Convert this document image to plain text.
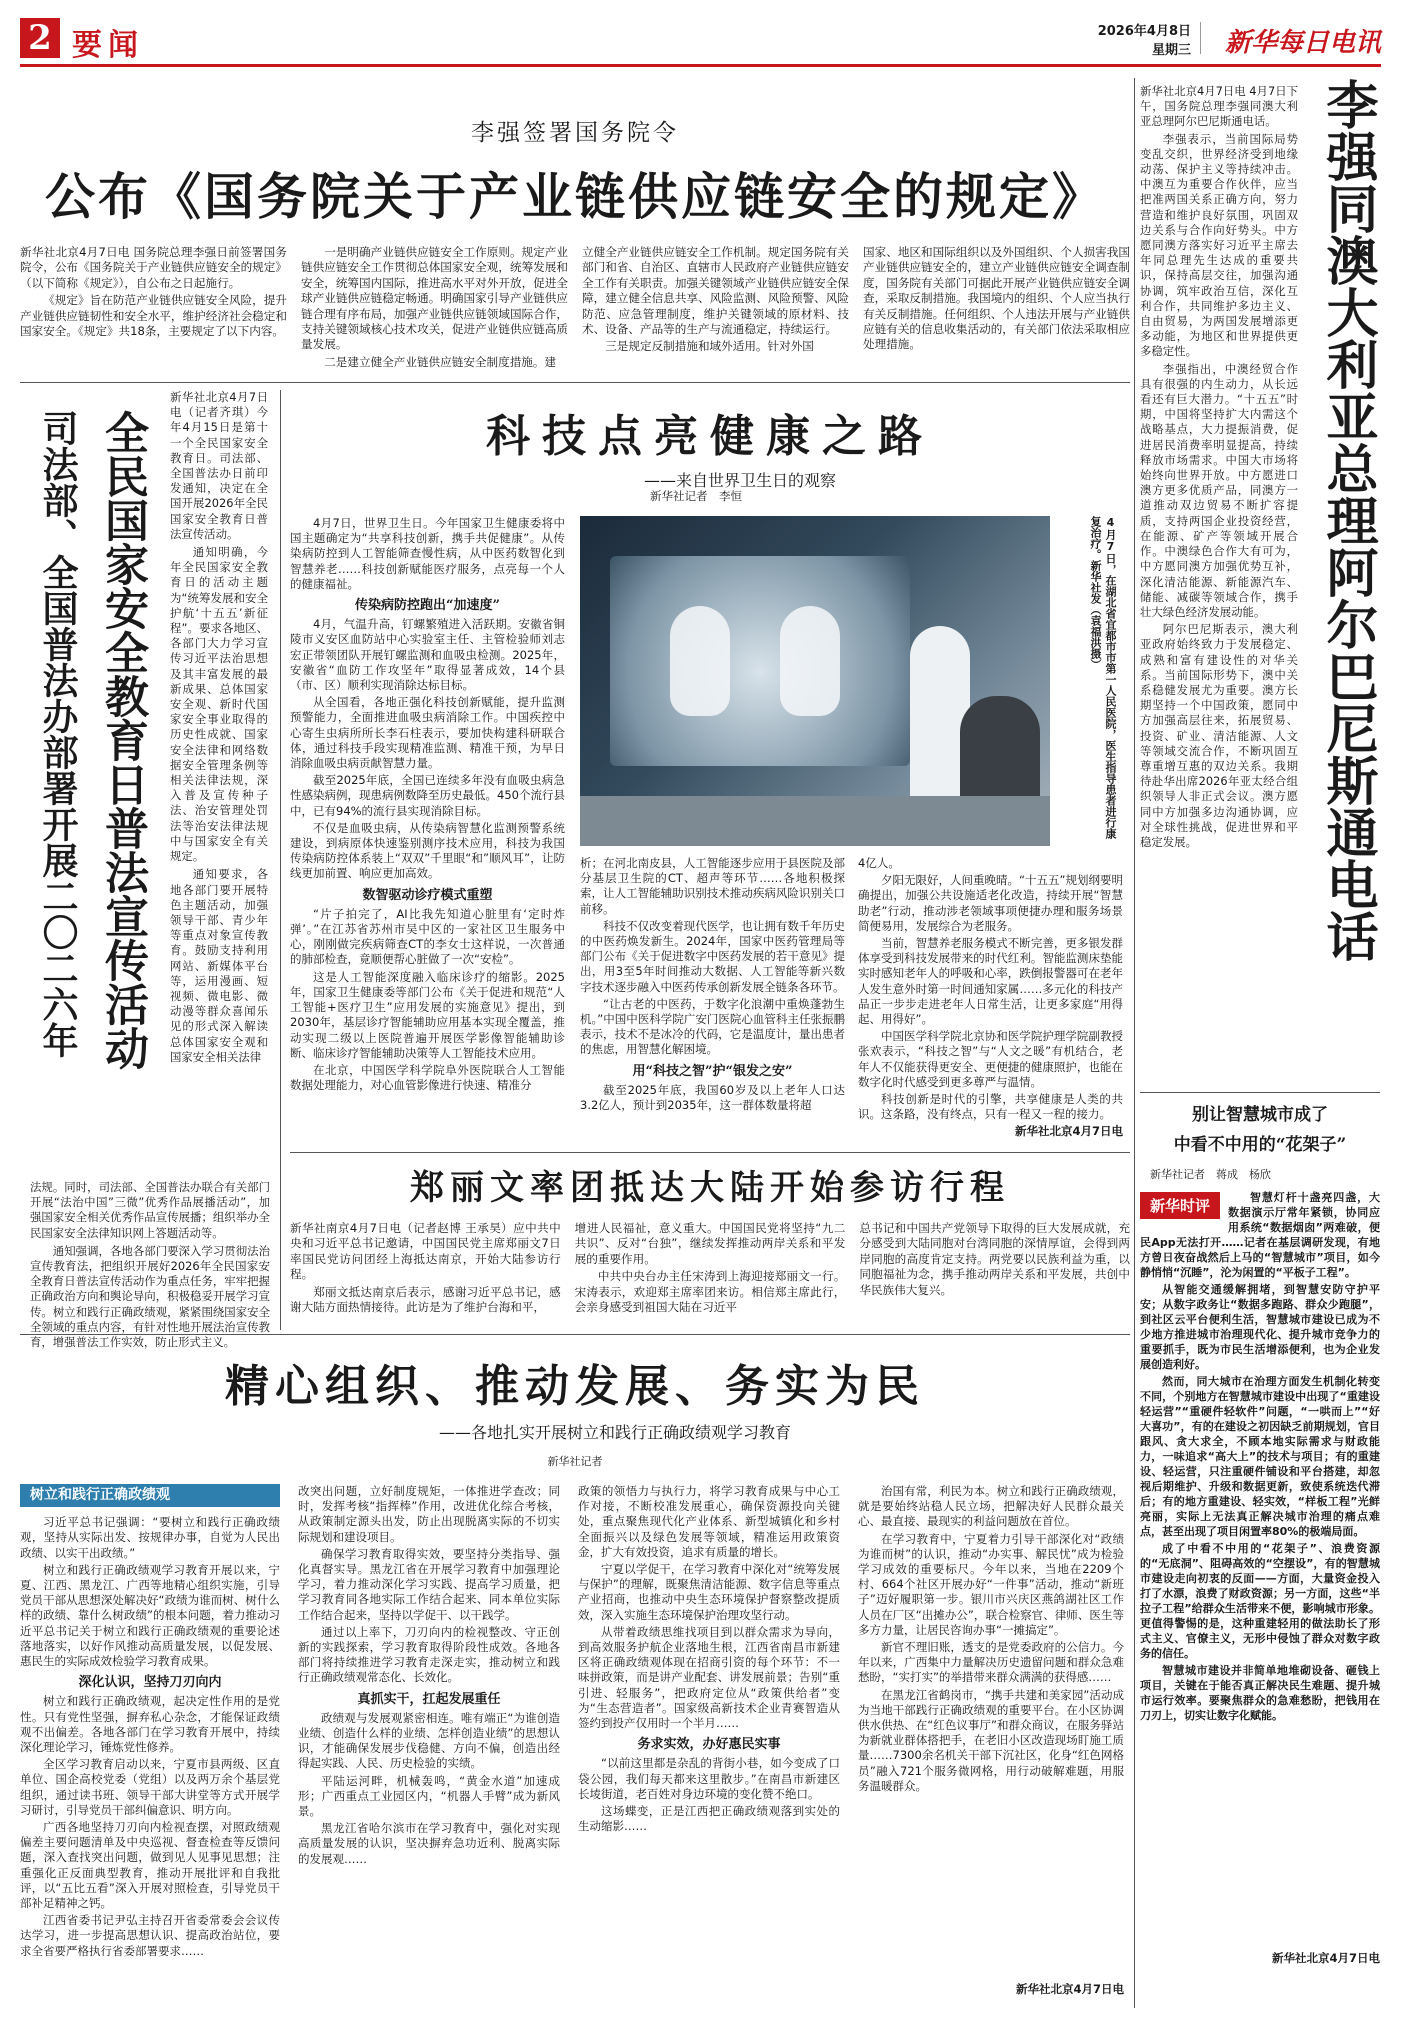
2 要闻	2026年4月8日
星期三 新华每日电讯
李强签署国务院令
公布《国务院关于产业链供应链安全的规定》

新华社北京4月7日电 国务院总理李强日前签署国务院令，公布《国务院关于产业链供应链安全的规定》（以下简称《规定》），自公布之日起施行。

《规定》旨在防范产业链供应链安全风险，提升产业链供应链韧性和安全水平，维护经济社会稳定和国家安全。《规定》共18条，主要规定了以下内容。

一是明确产业链供应链安全工作原则。规定产业链供应链安全工作贯彻总体国家安全观，统筹发展和安全，统筹国内国际，推进高水平对外开放，促进全球产业链供应链稳定畅通。明确国家引导产业链供应链合理有序布局，加强产业链供应链领域国际合作，支持关键领域核心技术攻关，促进产业链供应链高质量发展。

二是建立健全产业链供应链安全制度措施。建

立健全产业链供应链安全工作机制。规定国务院有关部门和省、自治区、直辖市人民政府产业链供应链安全工作有关职责。加强关键领域产业链供应链安全保障，建立健全信息共享、风险监测、风险预警、风险防范、应急管理制度，维护关键领域的原材料、技术、设备、产品等的生产与流通稳定，持续运行。

三是规定反制措施和域外适用。针对外国

国家、地区和国际组织以及外国组织、个人损害我国产业链供应链安全的，建立产业链供应链安全调查制度，国务院有关部门可据此开展产业链供应链安全调查，采取反制措施。我国境内的组织、个人应当执行有关反制措施。任何组织、个人违法开展与产业链供应链有关的信息收集活动的，有关部门依法采取相应处理措施。	李强同澳大利亚总理阿尔巴尼斯通电话

新华社北京4月7日电 4月7日下午，国务院总理李强同澳大利亚总理阿尔巴尼斯通电话。

李强表示，当前国际局势变乱交织，世界经济受到地缘动荡、保护主义等持续冲击。中澳互为重要合作伙伴，应当把准两国关系正确方向，努力营造和维护良好氛围，巩固双边关系与合作向好势头。中方愿同澳方落实好习近平主席去年同总理先生达成的重要共识，保持高层交往，加强沟通协调，筑牢政治互信，深化互利合作，共同维护多边主义、自由贸易，为两国发展增添更多动能，为地区和世界提供更多稳定性。

李强指出，中澳经贸合作具有很强的内生动力，从长远看还有巨大潜力。“十五五”时期，中国将坚持扩大内需这个战略基点，大力提振消费，促进居民消费率明显提高，持续释放市场需求。中国大市场将始终向世界开放。中方愿进口澳方更多优质产品，同澳方一道推动双边贸易不断扩容提质，支持两国企业投资经营，在能源、矿产等领域开展合作。中澳绿色合作大有可为，中方愿同澳方加强优势互补，深化清洁能源、新能源汽车、储能、减碳等领域合作，携手壮大绿色经济发展动能。

阿尔巴尼斯表示，澳大利亚政府始终致力于发展稳定、成熟和富有建设性的对华关系。当前国际形势下，澳中关系稳健发展尤为重要。澳方长期坚持一个中国政策，愿同中方加强高层往来，拓展贸易、投资、矿业、清洁能源、人文等领域交流合作，不断巩固互尊重增互惠的双边关系。我期待赴华出席2026年亚太经合组织领导人非正式会议。澳方愿同中方加强多边沟通协调，应对全球性挑战，促进世界和平稳定发展。

全民国家安全教育日普法宣传活动
司法部、全国普法办部署开展二〇二六年

新华社北京4月7日电（记者齐琪）今年4月15日是第十一个全民国家安全教育日。司法部、全国普法办日前印发通知，决定在全国开展2026年全民国家安全教育日普法宣传活动。

通知明确，今年全民国家安全教育日的活动主题为“统筹发展和安全 护航‘十五五’新征程”。要求各地区、各部门大力学习宣传习近平法治思想及其丰富发展的最新成果、总体国家安全观、新时代国家安全事业取得的历史性成就、国家安全法律和网络数据安全管理条例等相关法律法规，深入普及宣传种子法、治安管理处罚法等治安法律法规中与国家安全有关规定。

通知要求，各地各部门要开展特色主题活动，加强领导干部、青少年等重点对象宣传教育。鼓励支持利用网站、新媒体平台等，运用漫画、短视频、微电影、微动漫等群众喜闻乐见的形式深入解读总体国家安全观和国家安全相关法律

法规。同时，司法部、全国普法办联合有关部门开展“法治中国”三微”优秀作品展播活动”，加强国家安全相关优秀作品宣传展播；组织举办全民国家安全法律知识网上答题活动等。

通知强调，各地各部门要深入学习贯彻法治宣传教育法，把组织开展好2026年全民国家安全教育日普法宣传活动作为重点任务，牢牢把握正确政治方向和舆论导向，积极稳妥开展学习宣传。树立和践行正确政绩观，紧紧围绕国家安全全领域的重点内容，有针对性地开展法治宣传教育，增强普法工作实效，防止形式主义。

科技点亮健康之路
——来自世界卫生日的观察
新华社记者　李恒
4月7日，在湖北省宜都市市第一人民医院，医生指导患者进行康复治疗。新华社发（袁福洪摄）

4月7日，世界卫生日。今年国家卫生健康委将中国主题确定为“共享科技创新，携手共促健康”。从传染病防控到人工智能筛查慢性病，从中医药数智化到智慧养老……科技创新赋能医疗服务，点亮每一个人的健康福祉。

传染病防控跑出“加速度”

4月，气温升高，钉螺繁殖进入活跃期。安徽省铜陵市义安区血防站中心实验室主任、主管检验师刘志宏正带领团队开展钉螺监测和血吸虫检测。2025年，安徽省“血防工作攻坚年”取得显著成效，14个县（市、区）顺利实现消除达标目标。

从全国看，各地正强化科技创新赋能，提升监测预警能力，全面推进血吸虫病消除工作。中国疾控中心寄生虫病所所长李石柱表示，要加快构建科研联合体，通过科技手段实现精准监测、精准干预，为早日消除血吸虫病贡献智慧力量。

截至2025年底，全国已连续多年没有血吸虫病急性感染病例，现患病例数降至历史最低。450个流行县中，已有94%的流行县实现消除目标。

不仅是血吸虫病，从传染病智慧化监测预警系统建设，到病原体快速鉴别测序技术应用，科技为我国传染病防控体系装上“双双”千里眼“和”顺风耳”，让防线更加前置、响应更加高效。

数智驱动诊疗模式重塑

“片子拍完了，AI比我先知道心脏里有‘定时炸弹’。”在江苏省苏州市吴中区的一家社区卫生服务中心，刚刚做完疾病筛查CT的李女士这样说，一次普通的肺部检查，竟顺便帮心脏做了一次“安检”。

这是人工智能深度融入临床诊疗的缩影。2025年，国家卫生健康委等部门公布《关于促进和规范“人工智能+医疗卫生”应用发展的实施意见》提出，到2030年，基层诊疗智能辅助应用基本实现全覆盖，推动实现二级以上医院普遍开展医学影像智能辅助诊断、临床诊疗智能辅助决策等人工智能技术应用。

在北京，中国医学科学院阜外医院联合人工智能数据处理能力，对心血管影像进行快速、精准分

析；在河北南皮县，人工智能逐步应用于县医院及部分基层卫生院的CT、超声等环节……各地积极探索，让人工智能辅助识别技术推动疾病风险识别关口前移。

科技不仅改变着现代医学，也让拥有数千年历史的中医药焕发新生。2024年，国家中医药管理局等部门公布《关于促进数字中医药发展的若干意见》提出，用3至5年时间推动大数据、人工智能等新兴数字技术逐步融入中医药传承创新发展全链条各环节。

“让古老的中医药，于数字化浪潮中重焕蓬勃生机。”中国中医科学院广安门医院心血管科主任张振鹏表示，技术不是冰冷的代码，它是温度计，量出患者的焦虑，用智慧化解困境。

用“科技之智”护“银发之安”

截至2025年底，我国60岁及以上老年人口达3.2亿人，预计到2035年，这一群体数量将超

4亿人。

夕阳无限好，人间重晚晴。“十五五”规划纲要明确提出，加强公共设施适老化改造，持续开展“智慧助老”行动，推动涉老领域事项便捷办理和服务场景简便易用，发展综合为老服务。

当前，智慧养老服务模式不断完善，更多银发群体享受到科技发展带来的时代红利。智能监测床垫能实时感知老年人的呼吸和心率，跌倒报警器可在老年人发生意外时第一时间通知家属……多元化的科技产品正一步步走进老年人日常生活，让更多家庭“用得起、用得好”。

中国医学科学院北京协和医学院护理学院副教授张欢表示，“科技之智”与“人文之暖”有机结合，老年人不仅能获得更安全、更便捷的健康照护，也能在数字化时代感受到更多尊严与温情。

科技创新是时代的引擎，共享健康是人类的共识。这条路，没有终点，只有一程又一程的接力。

新华社北京4月7日电
郑丽文率团抵达大陆开始参访行程

新华社南京4月7日电（记者赵博 王承昊）应中共中央和习近平总书记邀请，中国国民党主席郑丽文7日率国民党访问团经上海抵达南京，开始大陆参访行程。

郑丽文抵达南京后表示，感谢习近平总书记，感谢大陆方面热情接待。此访是为了维护台海和平，

增进人民福祉，意义重大。中国国民党将坚持“九二共识”、反对“台独”，继续发挥推动两岸关系和平发展的重要作用。

中共中央台办主任宋涛到上海迎接郑丽文一行。宋涛表示，欢迎郑主席率团来访。相信郑主席此行，会亲身感受到祖国大陆在习近平

总书记和中国共产党领导下取得的巨大发展成就，充分感受到大陆同胞对台湾同胞的深情厚谊，会得到两岸同胞的高度肯定支持。两党要以民族利益为重，以同胞福祉为念，携手推动两岸关系和平发展，共创中华民族伟大复兴。

别让智慧城市成了
中看不中用的“花架子”
新华社记者　蒋成　杨欣
新华时评	智慧灯杆十盏亮四盏，大数据演示厅常年紧锁，协同应用系统“数据烟囱”两难破，便民App无法打开……记者在基层调研发现，有地方曾日夜奋战然后上马的“智慧城市”项目，如今静悄悄“沉睡”，沦为闲置的“平板子工程”。

从智能交通缓解拥堵，到智慧安防守护平安；从数字政务让“数据多跑路、群众少跑腿”，到社区云平台便利生活，智慧城市建设已成为不少地方推进城市治理现代化、提升城市竞争力的重要抓手，既为市民生活增添便利，也为企业发展创造利好。

然而，同大城市在治理方面发生机制化转变不同，个别地方在智慧城市建设中出现了“重建设轻运营”“重硬件轻软件”问题，“一哄而上”“好大喜功”，有的在建设之初因缺乏前期规划，官目跟风、贪大求全，不顾本地实际需求与财政能力，一味追求“高大上”的技术与项目；有的重建设、轻运营，只注重硬件铺设和平台搭建，却忽视后期维护、升级和数据更新，致使系统迭代滞后；有的地方重建设、轻实效，“样板工程”光鲜亮丽，实际上无法真正解决城市治理的痛点难点，甚至出现了项目闲置率80%的极端局面。

成了中看不中用的“花架子”、浪费资源的“无底洞”、阻碍高效的“空摆设”，有的智慧城市建设走向初衷的反面——方面，大量资金投入打了水漂，浪费了财政资源；另一方面，这些“半拉子工程”给群众生活带来不便，影响城市形象。更值得警惕的是，这种重建轻用的做法助长了形式主义、官僚主义，无形中侵蚀了群众对数字政务的信任。

智慧城市建设并非简单地堆砌设备、砸钱上项目，关键在于能否真正解决民生难题、提升城市运行效率。要聚焦群众的急难愁盼，把钱用在刀刃上，切实让数字化赋能。

新华社北京4月7日电
精心组织、推动发展、务实为民
——各地扎实开展树立和践行正确政绩观学习教育
新华社记者
树立和践行正确政绩观

习近平总书记强调：“要树立和践行正确政绩观，坚持从实际出发、按规律办事，自觉为人民出政绩、以实干出政绩。”

树立和践行正确政绩观学习教育开展以来，宁夏、江西、黑龙江、广西等地精心组织实施，引导党员干部从思想深处解决好“政绩为谁而树、树什么样的政绩、靠什么树政绩”的根本问题，着力推动习近平总书记关于树立和践行正确政绩观的重要论述落地落实，以好作风推动高质量发展，以促发展、惠民生的实际成效检验学习教育成果。

深化认识，坚持刀刃向内

树立和践行正确政绩观，起决定性作用的是党性。只有党性坚强，摒弃私心杂念，才能保证政绩观不出偏差。各地各部门在学习教育开展中，持续深化理论学习，锤炼党性修养。

全区学习教育启动以来，宁夏市县两级、区直单位、国企高校党委（党组）以及两万余个基层党组织，通过读书班、领导干部大讲堂等方式开展学习研讨，引导党员干部纠偏意识、明方向。

广西各地坚持刀刃向内检视查摆，对照政绩观偏差主要问题清单及中央巡视、督查检查等反馈问题，深入查找突出问题，做到见人见事见思想；注重强化正反面典型教育，推动开展批评和自我批评，以“五比五看”深入开展对照检查，引导党员干部补足精神之钙。

江西省委书记尹弘主持召开省委常委会会议传达学习，进一步提高思想认识、提高政治站位，要求全省要严格执行省委部署要求……

改突出问题，立好制度规矩，一体推进学查改；同时，发挥考核“指挥棒”作用，改进优化综合考核，从政策制定源头出发，防止出现脱离实际的不切实际规划和建设项目。

确保学习教育取得实效，要坚持分类指导、强化真督实导。黑龙江省在开展学习教育中加强理论学习，着力推动深化学习实践、提高学习质量，把学习教育同各地实际工作结合起来、同本单位实际工作结合起来，坚持以学促干、以干践学。

通过以上率下，刀刃向内的检视整改、守正创新的实践探索，学习教育取得阶段性成效。各地各部门将持续推进学习教育走深走实，推动树立和践行正确政绩观常态化、长效化。

真抓实干，扛起发展重任

政绩观与发展观紧密相连。唯有端正“为谁创造业绩、创造什么样的业绩、怎样创造业绩”的思想认识，才能确保发展步伐稳健、方向不偏，创造出经得起实践、人民、历史检验的实绩。

平陆运河畔，机械轰鸣，“黄金水道”加速成形；广西重点工业园区内，“机器人手臂”成为新风景。

黑龙江省哈尔滨市在学习教育中，强化对实现高质量发展的认识，坚决摒弃急功近利、脱离实际的发展观……

政策的领悟力与执行力，将学习教育成果与中心工作对接，不断校准发展重心，确保资源投向关键处，重点聚焦现代化产业体系、新型城镇化和乡村全面振兴以及绿色发展等领域，精准运用政策资金，扩大有效投资，追求有质量的增长。

宁夏以学促干，在学习教育中深化对“统筹发展与保护”的理解，既聚焦清洁能源、数字信息等重点产业招商，也推动中央生态环境保护督察整改提质效，深入实施生态环境保护治理攻坚行动。

从带着政绩思维找项目到以群众需求为导向，到高效服务护航企业落地生根，江西省南昌市新建区将正确政绩观体现在招商引资的每个环节：不一味拼政策，而是讲产业配套、讲发展前景；告别“重引进、轻服务”，把政府定位从“政策供给者”变为“生态营造者”。国家级高新技术企业青赛智造从签约到投产仅用时一个半月……

务求实效，办好惠民实事

“以前这里都是杂乱的背街小巷，如今变成了口袋公园，我们每天都来这里散步。”在南昌市新建区长堎街道，老百姓对身边环境的变化赞不绝口。

这场蝶变，正是江西把正确政绩观落到实处的生动缩影……

治国有常，利民为本。树立和践行正确政绩观，就是要始终站稳人民立场，把解决好人民群众最关心、最直接、最现实的利益问题放在首位。

在学习教育中，宁夏着力引导干部深化对“政绩为谁而树”的认识，推动“办实事、解民忧”成为检验学习成效的重要标尺。今年以来，当地在2209个村、664个社区开展办好“一件事”活动，推动“新班子”迈好履职第一步。银川市兴庆区燕鸽湖社区工作人员在厂区“出摊办公”，联合检察官、律师、医生等多方力量，让居民咨询办事“一摊搞定”。

新官不理旧账，透支的是党委政府的公信力。今年以来，广西集中力量解决历史遗留问题和群众急难愁盼，“实打实”的举措带来群众满满的获得感……

在黑龙江省鹤岗市，“携手共建和美家园”活动成为当地干部践行正确政绩观的重要平台。在小区协调供水供热、在“红色议事厅”和群众商议，在服务驿站为新就业群体搭把手，在老旧小区改造现场盯施工质量……7300余名机关干部下沉社区，化身“红色网格员”融入721个服务微网格，用行动破解难题，用服务温暖群众。

新华社北京4月7日电
